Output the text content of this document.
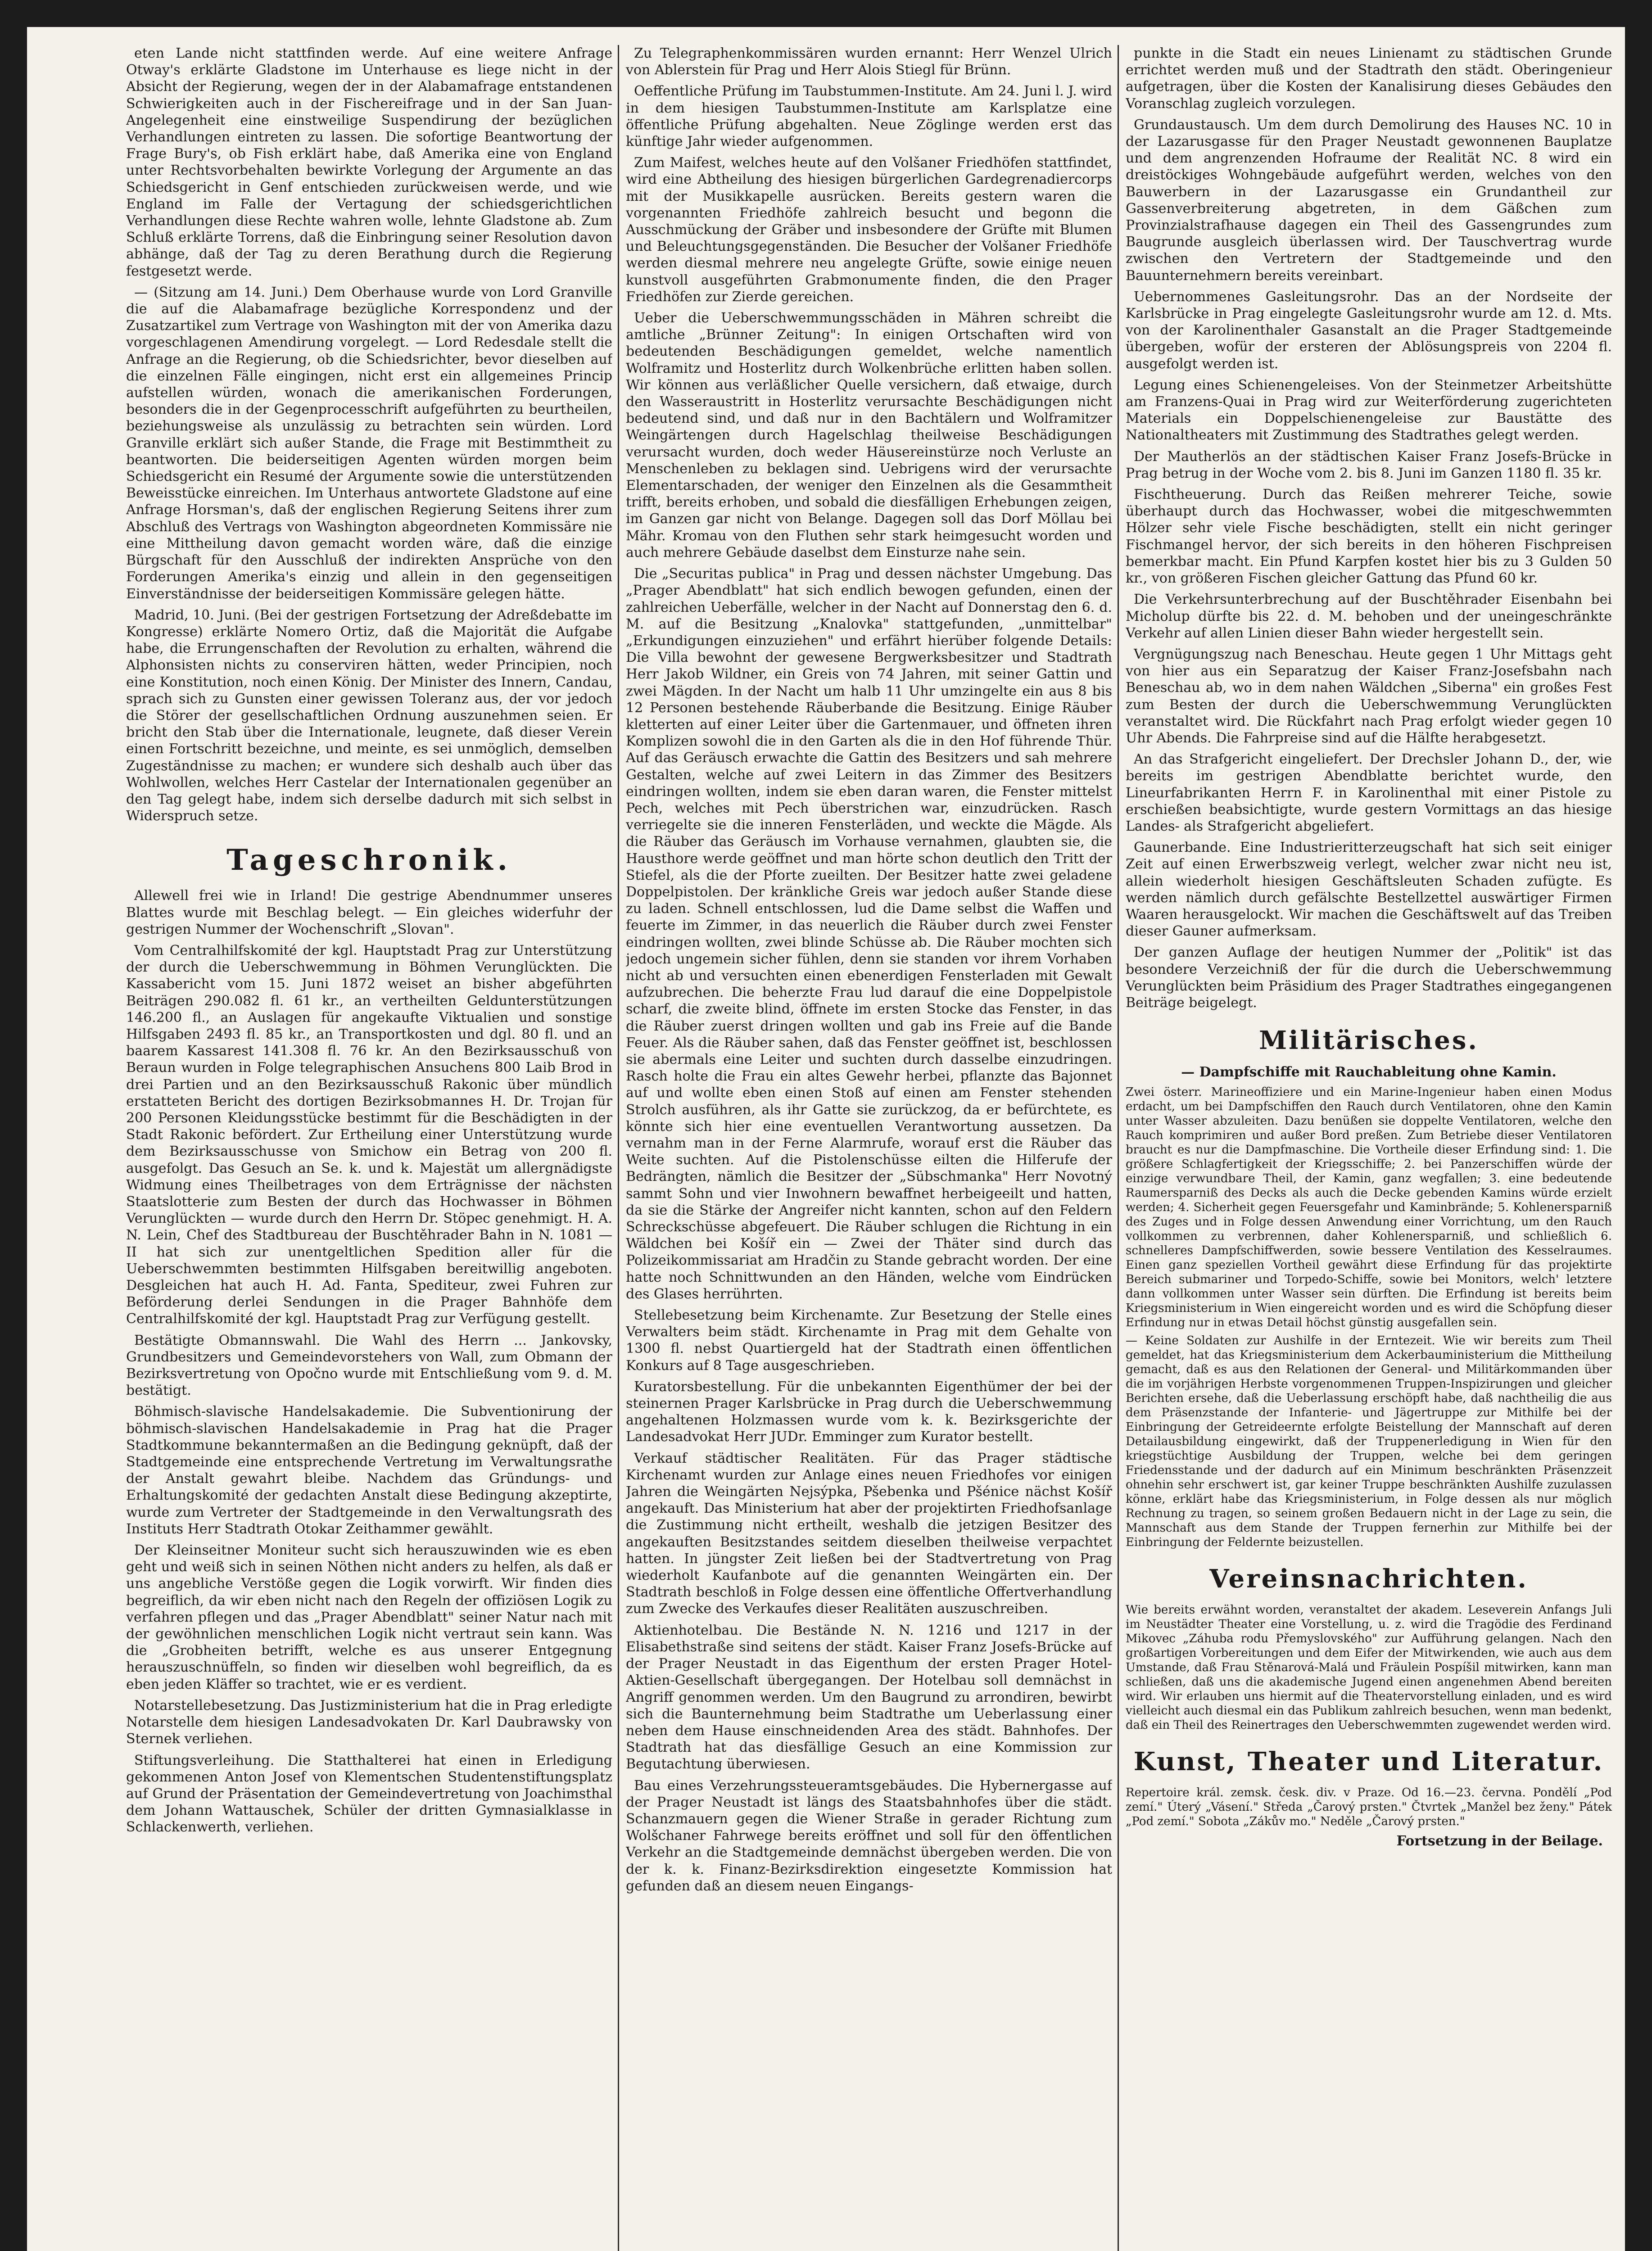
eten Lande nicht stattfinden werde. Auf eine weitere Anfrage Otway's erklärte Gladstone im Unterhause es liege nicht in der Absicht der Regierung, wegen der in der Alabamafrage entstandenen Schwierigkeiten auch in der Fischereifrage und in der San Juan-Angelegenheit eine einstweilige Suspendirung der bezüglichen Verhandlungen eintreten zu lassen. Die sofortige Beantwortung der Frage Bury's, ob Fish erklärt habe, daß Amerika eine von England unter Rechtsvorbehalten bewirkte Vorlegung der Argumente an das Schiedsgericht in Genf entschieden zurückweisen werde, und wie England im Falle der Vertagung der schiedsgerichtlichen Verhandlungen diese Rechte wahren wolle, lehnte Gladstone ab. Zum Schluß erklärte Torrens, daß die Einbringung seiner Resolution davon abhänge, daß der Tag zu deren Berathung durch die Regierung festgesetzt werde.

— (Sitzung am 14. Juni.) Dem Oberhause wurde von Lord Granville die auf die Alabamafrage bezügliche Korrespondenz und der Zusatzartikel zum Vertrage von Washington mit der von Amerika dazu vorgeschlagenen Amendirung vorgelegt. — Lord Redesdale stellt die Anfrage an die Regierung, ob die Schiedsrichter, bevor dieselben auf die einzelnen Fälle eingingen, nicht erst ein allgemeines Princip aufstellen würden, wonach die amerikanischen Forderungen, besonders die in der Gegenprocesschrift aufgeführten zu beurtheilen, beziehungsweise als unzulässig zu betrachten sein würden. Lord Granville erklärt sich außer Stande, die Frage mit Bestimmtheit zu beantworten. Die beiderseitigen Agenten würden morgen beim Schiedsgericht ein Resumé der Argumente sowie die unterstützenden Beweisstücke einreichen. Im Unterhaus antwortete Gladstone auf eine Anfrage Horsman's, daß der englischen Regierung Seitens ihrer zum Abschluß des Vertrags von Washington abgeordneten Kommissäre nie eine Mittheilung davon gemacht worden wäre, daß die einzige Bürgschaft für den Ausschluß der indirekten Ansprüche von den Forderungen Amerika's einzig und allein in den gegenseitigen Einverständnisse der beiderseitigen Kommissäre gelegen hätte.

Madrid, 10. Juni. (Bei der gestrigen Fortsetzung der Adreßdebatte im Kongresse) erklärte Nomero Ortiz, daß die Majorität die Aufgabe habe, die Errungenschaften der Revolution zu erhalten, während die Alphonsisten nichts zu conserviren hätten, weder Principien, noch eine Konstitution, noch einen König. Der Minister des Innern, Candau, sprach sich zu Gunsten einer gewissen Toleranz aus, der vor jedoch die Störer der gesellschaftlichen Ordnung auszunehmen seien. Er bricht den Stab über die Internationale, leugnete, daß dieser Verein einen Fortschritt bezeichne, und meinte, es sei unmöglich, demselben Zugeständnisse zu machen; er wundere sich deshalb auch über das Wohlwollen, welches Herr Castelar der Internationalen gegenüber an den Tag gelegt habe, indem sich derselbe dadurch mit sich selbst in Widerspruch setze.

Tageschronik.

Allewell frei wie in Irland! Die gestrige Abendnummer unseres Blattes wurde mit Beschlag belegt. — Ein gleiches widerfuhr der gestrigen Nummer der Wochenschrift „Slovan".

Vom Centralhilfskomité der kgl. Hauptstadt Prag zur Unterstützung der durch die Ueberschwemmung in Böhmen Verunglückten. Die Kassabericht vom 15. Juni 1872 weiset an bisher abgeführten Beiträgen 290.082 fl. 61 kr., an vertheilten Geldunterstützungen 146.200 fl., an Auslagen für angekaufte Viktualien und sonstige Hilfsgaben 2493 fl. 85 kr., an Transportkosten und dgl. 80 fl. und an baarem Kassarest 141.308 fl. 76 kr. An den Bezirksausschuß von Beraun wurden in Folge telegraphischen Ansuchens 800 Laib Brod in drei Partien und an den Bezirksausschuß Rakonic über mündlich erstatteten Bericht des dortigen Bezirksobmannes H. Dr. Trojan für 200 Personen Kleidungsstücke bestimmt für die Beschädigten in der Stadt Rakonic befördert. Zur Ertheilung einer Unterstützung wurde dem Bezirksausschusse von Smichow ein Betrag von 200 fl. ausgefolgt. Das Gesuch an Se. k. und k. Majestät um allergnädigste Widmung eines Theilbetrages von dem Erträgnisse der nächsten Staatslotterie zum Besten der durch das Hochwasser in Böhmen Verunglückten — wurde durch den Herrn Dr. Stöpec genehmigt. H. A. N. Lein, Chef des Stadtbureau der Buschtěhrader Bahn in N. 1081 — II hat sich zur unentgeltlichen Spedition aller für die Ueberschwemmten bestimmten Hilfsgaben bereitwillig angeboten. Desgleichen hat auch H. Ad. Fanta, Spediteur, zwei Fuhren zur Beförderung derlei Sendungen in die Prager Bahnhöfe dem Centralhilfskomité der kgl. Hauptstadt Prag zur Verfügung gestellt.

Bestätigte Obmannswahl. Die Wahl des Herrn ... Jankovsky, Grundbesitzers und Gemeindevorstehers von Wall, zum Obmann der Bezirksvertretung von Opočno wurde mit Entschließung vom 9. d. M. bestätigt.

Böhmisch-slavische Handelsakademie. Die Subventionirung der böhmisch-slavischen Handelsakademie in Prag hat die Prager Stadtkommune bekanntermaßen an die Bedingung geknüpft, daß der Stadtgemeinde eine entsprechende Vertretung im Verwaltungsrathe der Anstalt gewahrt bleibe. Nachdem das Gründungs- und Erhaltungskomité der gedachten Anstalt diese Bedingung akzeptirte, wurde zum Vertreter der Stadtgemeinde in den Verwaltungsrath des Instituts Herr Stadtrath Otokar Zeithammer gewählt.

Der Kleinseitner Moniteur sucht sich herauszuwinden wie es eben geht und weiß sich in seinen Nöthen nicht anders zu helfen, als daß er uns angebliche Verstöße gegen die Logik vorwirft. Wir finden dies begreiflich, da wir eben nicht nach den Regeln der offiziösen Logik zu verfahren pflegen und das „Prager Abendblatt" seiner Natur nach mit der gewöhnlichen menschlichen Logik nicht vertraut sein kann. Was die „Grobheiten betrifft, welche es aus unserer Entgegnung herauszuschnüffeln, so finden wir dieselben wohl begreiflich, da es eben jeden Kläffer so trachtet, wie er es verdient.

Notarstellebesetzung. Das Justizministerium hat die in Prag erledigte Notarstelle dem hiesigen Landesadvokaten Dr. Karl Daubrawsky von Sternek verliehen.

Stiftungsverleihung. Die Statthalterei hat einen in Erledigung gekommenen Anton Josef von Klementschen Studentenstiftungsplatz auf Grund der Präsentation der Gemeindevertretung von Joachimsthal dem Johann Wattauschek, Schüler der dritten Gymnasialklasse in Schlackenwerth, verliehen.

Zu Telegraphenkommissären wurden ernannt: Herr Wenzel Ulrich von Ablerstein für Prag und Herr Alois Stiegl für Brünn.

Oeffentliche Prüfung im Taubstummen-Institute. Am 24. Juni l. J. wird in dem hiesigen Taubstummen-Institute am Karlsplatze eine öffentliche Prüfung abgehalten. Neue Zöglinge werden erst das künftige Jahr wieder aufgenommen.

Zum Maifest, welches heute auf den Volšaner Friedhöfen stattfindet, wird eine Abtheilung des hiesigen bürgerlichen Gardegrenadiercorps mit der Musikkapelle ausrücken. Bereits gestern waren die vorgenannten Friedhöfe zahlreich besucht und begonn die Ausschmückung der Gräber und insbesondere der Grüfte mit Blumen und Beleuchtungsgegenständen. Die Besucher der Volšaner Friedhöfe werden diesmal mehrere neu angelegte Grüfte, sowie einige neuen kunstvoll ausgeführten Grabmonumente finden, die den Prager Friedhöfen zur Zierde gereichen.

Ueber die Ueberschwemmungsschäden in Mähren schreibt die amtliche „Brünner Zeitung": In einigen Ortschaften wird von bedeutenden Beschädigungen gemeldet, welche namentlich Wolframitz und Hosterlitz durch Wolkenbrüche erlitten haben sollen. Wir können aus verläßlicher Quelle versichern, daß etwaige, durch den Wasseraustritt in Hosterlitz verursachte Beschädigungen nicht bedeutend sind, und daß nur in den Bachtälern und Wolframitzer Weingärtengen durch Hagelschlag theilweise Beschädigungen verursacht wurden, doch weder Häusereinstürze noch Verluste an Menschenleben zu beklagen sind. Uebrigens wird der verursachte Elementarschaden, der weniger den Einzelnen als die Gesammtheit trifft, bereits erhoben, und sobald die diesfälligen Erhebungen zeigen, im Ganzen gar nicht von Belange. Dagegen soll das Dorf Möllau bei Mähr. Kromau von den Fluthen sehr stark heimgesucht worden und auch mehrere Gebäude daselbst dem Einsturze nahe sein.

Die „Securitas publica" in Prag und dessen nächster Umgebung. Das „Prager Abendblatt" hat sich endlich bewogen gefunden, einen der zahlreichen Ueberfälle, welcher in der Nacht auf Donnerstag den 6. d. M. auf die Besitzung „Knalovka" stattgefunden, „unmittelbar" „Erkundigungen einzuziehen" und erfährt hierüber folgende Details: Die Villa bewohnt der gewesene Bergwerksbesitzer und Stadtrath Herr Jakob Wildner, ein Greis von 74 Jahren, mit seiner Gattin und zwei Mägden. In der Nacht um halb 11 Uhr umzingelte ein aus 8 bis 12 Personen bestehende Räuberbande die Besitzung. Einige Räuber kletterten auf einer Leiter über die Gartenmauer, und öffneten ihren Komplizen sowohl die in den Garten als die in den Hof führende Thür. Auf das Geräusch erwachte die Gattin des Besitzers und sah mehrere Gestalten, welche auf zwei Leitern in das Zimmer des Besitzers eindringen wollten, indem sie eben daran waren, die Fenster mittelst Pech, welches mit Pech überstrichen war, einzudrücken. Rasch verriegelte sie die inneren Fensterläden, und weckte die Mägde. Als die Räuber das Geräusch im Vorhause vernahmen, glaubten sie, die Hausthore werde geöffnet und man hörte schon deutlich den Tritt der Stiefel, als die der Pforte zueilten. Der Besitzer hatte zwei geladene Doppelpistolen. Der kränkliche Greis war jedoch außer Stande diese zu laden. Schnell entschlossen, lud die Dame selbst die Waffen und feuerte im Zimmer, in das neuerlich die Räuber durch zwei Fenster eindringen wollten, zwei blinde Schüsse ab. Die Räuber mochten sich jedoch ungemein sicher fühlen, denn sie standen vor ihrem Vorhaben nicht ab und versuchten einen ebenerdigen Fensterladen mit Gewalt aufzubrechen. Die beherzte Frau lud darauf die eine Doppelpistole scharf, die zweite blind, öffnete im ersten Stocke das Fenster, in das die Räuber zuerst dringen wollten und gab ins Freie auf die Bande Feuer. Als die Räuber sahen, daß das Fenster geöffnet ist, beschlossen sie abermals eine Leiter und suchten durch dasselbe einzudringen. Rasch holte die Frau ein altes Gewehr herbei, pflanzte das Bajonnet auf und wollte eben einen Stoß auf einen am Fenster stehenden Strolch ausführen, als ihr Gatte sie zurückzog, da er befürchtete, es könnte sich hier eine eventuellen Verantwortung aussetzen. Da vernahm man in der Ferne Alarmrufe, worauf erst die Räuber das Weite suchten. Auf die Pistolenschüsse eilten die Hilferufe der Bedrängten, nämlich die Besitzer der „Sübschmanka" Herr Novotný sammt Sohn und vier Inwohnern bewaffnet herbeigeeilt und hatten, da sie die Stärke der Angreifer nicht kannten, schon auf den Feldern Schreckschüsse abgefeuert. Die Räuber schlugen die Richtung in ein Wäldchen bei Košíř ein — Zwei der Thäter sind durch das Polizeikommissariat am Hradčin zu Stande gebracht worden. Der eine hatte noch Schnittwunden an den Händen, welche vom Eindrücken des Glases herrührten.

Stellebesetzung beim Kirchenamte. Zur Besetzung der Stelle eines Verwalters beim städt. Kirchenamte in Prag mit dem Gehalte von 1300 fl. nebst Quartiergeld hat der Stadtrath einen öffentlichen Konkurs auf 8 Tage ausgeschrieben.

Kuratorsbestellung. Für die unbekannten Eigenthümer der bei der steinernen Prager Karlsbrücke in Prag durch die Ueberschwemmung angehaltenen Holzmassen wurde vom k. k. Bezirksgerichte der Landesadvokat Herr JUDr. Emminger zum Kurator bestellt.

Verkauf städtischer Realitäten. Für das Prager städtische Kirchenamt wurden zur Anlage eines neuen Friedhofes vor einigen Jahren die Weingärten Nejsýpka, Pšebenka und Pšénice nächst Košíř angekauft. Das Ministerium hat aber der projektirten Friedhofsanlage die Zustimmung nicht ertheilt, weshalb die jetzigen Besitzer des angekauften Besitzstandes seitdem dieselben theilweise verpachtet hatten. In jüngster Zeit ließen bei der Stadtvertretung von Prag wiederholt Kaufanbote auf die genannten Weingärten ein. Der Stadtrath beschloß in Folge dessen eine öffentliche Offertverhandlung zum Zwecke des Verkaufes dieser Realitäten auszuschreiben.

Aktienhotelbau. Die Bestände N. N. 1216 und 1217 in der Elisabethstraße sind seitens der städt. Kaiser Franz Josefs-Brücke auf der Prager Neustadt in das Eigenthum der ersten Prager Hotel-Aktien-Gesellschaft übergegangen. Der Hotelbau soll demnächst in Angriff genommen werden. Um den Baugrund zu arrondiren, bewirbt sich die Baunternehmung beim Stadtrathe um Ueberlassung einer neben dem Hause einschneidenden Area des städt. Bahnhofes. Der Stadtrath hat das diesfällige Gesuch an eine Kommission zur Begutachtung überwiesen.

Bau eines Verzehrungssteueramtsgebäudes. Die Hybernergasse auf der Prager Neustadt ist längs des Staatsbahnhofes über die städt. Schanzmauern gegen die Wiener Straße in gerader Richtung zum Wolšchaner Fahrwege bereits eröffnet und soll für den öffentlichen Verkehr an die Stadtgemeinde demnächst übergeben werden. Die von der k. k. Finanz-Bezirksdirektion eingesetzte Kommission hat gefunden daß an diesem neuen Eingangs-

punkte in die Stadt ein neues Linienamt zu städtischen Grunde errichtet werden muß und der Stadtrath den städt. Oberingenieur aufgetragen, über die Kosten der Kanalisirung dieses Gebäudes den Voranschlag zugleich vorzulegen.

Grundaustausch. Um dem durch Demolirung des Hauses NC. 10 in der Lazarusgasse für den Prager Neustadt gewonnenen Bauplatze und dem angrenzenden Hofraume der Realität NC. 8 wird ein dreistöckiges Wohngebäude aufgeführt werden, welches von den Bauwerbern in der Lazarusgasse ein Grundantheil zur Gassenverbreiterung abgetreten, in dem Gäßchen zum Provinzialstrafhause dagegen ein Theil des Gassengrundes zum Baugrunde ausgleich überlassen wird. Der Tauschvertrag wurde zwischen den Vertretern der Stadtgemeinde und den Bauunternehmern bereits vereinbart.

Uebernommenes Gasleitungsrohr. Das an der Nordseite der Karlsbrücke in Prag eingelegte Gasleitungsrohr wurde am 12. d. Mts. von der Karolinenthaler Gasanstalt an die Prager Stadtgemeinde übergeben, wofür der ersteren der Ablösungspreis von 2204 fl. ausgefolgt werden ist.

Legung eines Schienengeleises. Von der Steinmetzer Arbeitshütte am Franzens-Quai in Prag wird zur Weiterförderung zugerichteten Materials ein Doppelschienengeleise zur Baustätte des Nationaltheaters mit Zustimmung des Stadtrathes gelegt werden.

Der Mautherlös an der städtischen Kaiser Franz Josefs-Brücke in Prag betrug in der Woche vom 2. bis 8. Juni im Ganzen 1180 fl. 35 kr.

Fischtheuerung. Durch das Reißen mehrerer Teiche, sowie überhaupt durch das Hochwasser, wobei die mitgeschwemmten Hölzer sehr viele Fische beschädigten, stellt ein nicht geringer Fischmangel hervor, der sich bereits in den höheren Fischpreisen bemerkbar macht. Ein Pfund Karpfen kostet hier bis zu 3 Gulden 50 kr., von größeren Fischen gleicher Gattung das Pfund 60 kr.

Die Verkehrsunterbrechung auf der Buschtěhrader Eisenbahn bei Micholup dürfte bis 22. d. M. behoben und der uneingeschränkte Verkehr auf allen Linien dieser Bahn wieder hergestellt sein.

Vergnügungszug nach Beneschau. Heute gegen 1 Uhr Mittags geht von hier aus ein Separatzug der Kaiser Franz-Josefsbahn nach Beneschau ab, wo in dem nahen Wäldchen „Siberna" ein großes Fest zum Besten der durch die Ueberschwemmung Verunglückten veranstaltet wird. Die Rückfahrt nach Prag erfolgt wieder gegen 10 Uhr Abends. Die Fahrpreise sind auf die Hälfte herabgesetzt.

An das Strafgericht eingeliefert. Der Drechsler Johann D., der, wie bereits im gestrigen Abendblatte berichtet wurde, den Lineurfabrikanten Herrn F. in Karolinenthal mit einer Pistole zu erschießen beabsichtigte, wurde gestern Vormittags an das hiesige Landes- als Strafgericht abgeliefert.

Gaunerbande. Eine Industrieritterzeugschaft hat sich seit einiger Zeit auf einen Erwerbszweig verlegt, welcher zwar nicht neu ist, allein wiederholt hiesigen Geschäftsleuten Schaden zufügte. Es werden nämlich durch gefälschte Bestellzettel auswärtiger Firmen Waaren herausgelockt. Wir machen die Geschäftswelt auf das Treiben dieser Gauner aufmerksam.

Der ganzen Auflage der heutigen Nummer der „Politik" ist das besondere Verzeichniß der für die durch die Ueberschwemmung Verunglückten beim Präsidium des Prager Stadtrathes eingegangenen Beiträge beigelegt.

Militärisches.
— Dampfschiffe mit Rauchableitung ohne Kamin.

Zwei österr. Marineoffiziere und ein Marine-Ingenieur haben einen Modus erdacht, um bei Dampfschiffen den Rauch durch Ventilatoren, ohne den Kamin unter Wasser abzuleiten. Dazu benüßen sie doppelte Ventilatoren, welche den Rauch komprimiren und außer Bord preßen. Zum Betriebe dieser Ventilatoren braucht es nur die Dampfmaschine. Die Vortheile dieser Erfindung sind: 1. Die größere Schlagfertigkeit der Kriegsschiffe; 2. bei Panzerschiffen würde der einzige verwundbare Theil, der Kamin, ganz wegfallen; 3. eine bedeutende Raumersparniß des Decks als auch die Decke gebenden Kamins würde erzielt werden; 4. Sicherheit gegen Feuersgefahr und Kaminbrände; 5. Kohlenersparniß des Zuges und in Folge dessen Anwendung einer Vorrichtung, um den Rauch vollkommen zu verbrennen, daher Kohlenersparniß, und schließlich 6. schnelleres Dampfschiffwerden, sowie bessere Ventilation des Kesselraumes. Einen ganz speziellen Vortheil gewährt diese Erfindung für das projektirte Bereich submariner und Torpedo-Schiffe, sowie bei Monitors, welch' letztere dann vollkommen unter Wasser sein dürften. Die Erfindung ist bereits beim Kriegsministerium in Wien eingereicht worden und es wird die Schöpfung dieser Erfindung nur in etwas Detail höchst günstig ausgefallen sein.

— Keine Soldaten zur Aushilfe in der Erntezeit. Wie wir bereits zum Theil gemeldet, hat das Kriegsministerium dem Ackerbauministerium die Mittheilung gemacht, daß es aus den Relationen der General- und Militärkommanden über die im vorjährigen Herbste vorgenommenen Truppen-Inspizirungen und gleicher Berichten ersehe, daß die Ueberlassung erschöpft habe, daß nachtheilig die aus dem Präsenzstande der Infanterie- und Jägertruppe zur Mithilfe bei der Einbringung der Getreideernte erfolgte Beistellung der Mannschaft auf deren Detailausbildung eingewirkt, daß der Truppenerledigung in Wien für den kriegstüchtige Ausbildung der Truppen, welche bei dem geringen Friedensstande und der dadurch auf ein Minimum beschränkten Präsenzzeit ohnehin sehr erschwert ist, gar keiner Truppe beschränkten Aushilfe zuzulassen könne, erklärt habe das Kriegsministerium, in Folge dessen als nur möglich Rechnung zu tragen, so seinem großen Bedauern nicht in der Lage zu sein, die Mannschaft aus dem Stande der Truppen fernerhin zur Mithilfe bei der Einbringung der Feldernte beizustellen.

Vereinsnachrichten.

Wie bereits erwähnt worden, veranstaltet der akadem. Leseverein Anfangs Juli im Neustädter Theater eine Vorstellung, u. z. wird die Tragödie des Ferdinand Mikovec „Záhuba rodu Přemyslovského" zur Aufführung gelangen. Nach den großartigen Vorbereitungen und dem Eifer der Mitwirkenden, wie auch aus dem Umstande, daß Frau Stěnarová-Malá und Fräulein Pospíšil mitwirken, kann man schließen, daß uns die akademische Jugend einen angenehmen Abend bereiten wird. Wir erlauben uns hiermit auf die Theatervorstellung einladen, und es wird vielleicht auch diesmal ein das Publikum zahlreich besuchen, wenn man bedenkt, daß ein Theil des Reinertrages den Ueberschwemmten zugewendet werden wird.

Kunst, Theater und Literatur.

Repertoire král. zemsk. česk. div. v Praze. Od 16.—23. června. Pondělí „Pod zemí." Úterý „Vásení." Středa „Čarový prsten." Čtvrtek „Manžel bez ženy." Pátek „Pod zemí." Sobota „Zákův mo." Neděle „Čarový prsten."

Fortsetzung in der Beilage.
